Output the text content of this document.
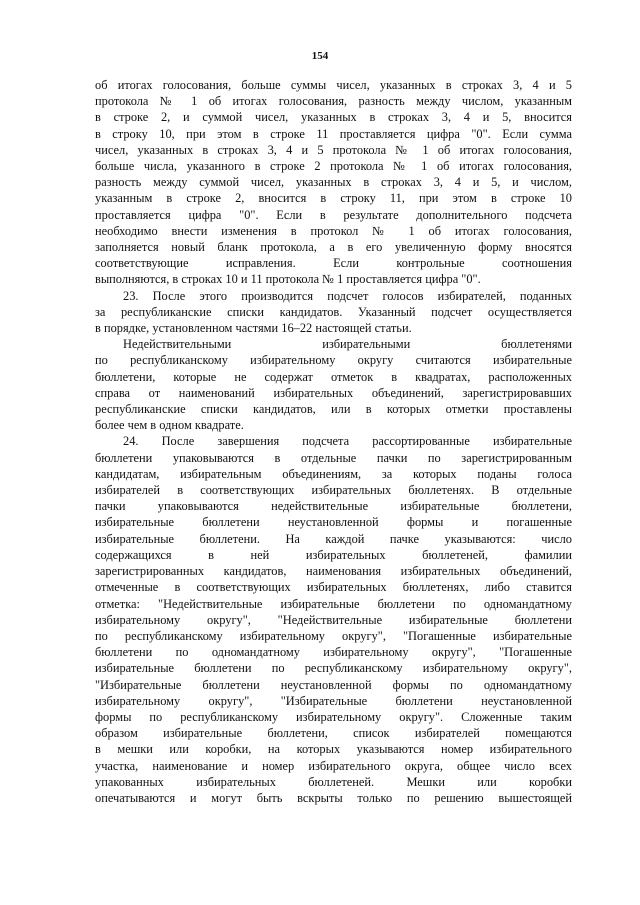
154

об итогах голосования, больше суммы чисел, указанных в строках 3, 4 и 5

протокола № 1 об итогах голосования, разность между числом, указанным

в строке 2, и суммой чисел, указанных в строках 3, 4 и 5, вносится

в строку 10, при этом в строке 11 проставляется цифра "0". Если сумма

чисел, указанных в строках 3, 4 и 5 протокола № 1 об итогах голосования,

больше числа, указанного в строке 2 протокола № 1 об итогах голосования,

разность между суммой чисел, указанных в строках 3, 4 и 5, и числом,

указанным в строке 2, вносится в строку 11, при этом в строке 10

проставляется цифра "0". Если в результате дополнительного подсчета

необходимо внести изменения в протокол № 1 об итогах голосования,

заполняется новый бланк протокола, а в его увеличенную форму вносятся

соответствующие исправления. Если контрольные соотношения

выполняются, в строках 10 и 11 протокола № 1 проставляется цифра "0".

23. После этого производится подсчет голосов избирателей, поданных

за республиканские списки кандидатов. Указанный подсчет осуществляется

в порядке, установленном частями 16–22 настоящей статьи.

Недействительными избирательными бюллетенями

по республиканскому избирательному округу считаются избирательные

бюллетени, которые не содержат отметок в квадратах, расположенных

справа от наименований избирательных объединений, зарегистрировавших

республиканские списки кандидатов, или в которых отметки проставлены

более чем в одном квадрате.

24. После завершения подсчета рассортированные избирательные

бюллетени упаковываются в отдельные пачки по зарегистрированным

кандидатам, избирательным объединениям, за которых поданы голоса

избирателей в соответствующих избирательных бюллетенях. В отдельные

пачки упаковываются недействительные избирательные бюллетени,

избирательные бюллетени неустановленной формы и погашенные

избирательные бюллетени. На каждой пачке указываются: число

содержащихся в ней избирательных бюллетеней, фамилии

зарегистрированных кандидатов, наименования избирательных объединений,

отмеченные в соответствующих избирательных бюллетенях, либо ставится

отметка: "Недействительные избирательные бюллетени по одномандатному

избирательному округу", "Недействительные избирательные бюллетени

по республиканскому избирательному округу", "Погашенные избирательные

бюллетени по одномандатному избирательному округу", "Погашенные

избирательные бюллетени по республиканскому избирательному округу",

"Избирательные бюллетени неустановленной формы по одномандатному

избирательному округу", "Избирательные бюллетени неустановленной

формы по республиканскому избирательному округу". Сложенные таким

образом избирательные бюллетени, список избирателей помещаются

в мешки или коробки, на которых указываются номер избирательного

участка, наименование и номер избирательного округа, общее число всех

упакованных избирательных бюллетеней. Мешки или коробки

опечатываются и могут быть вскрыты только по решению вышестоящей
